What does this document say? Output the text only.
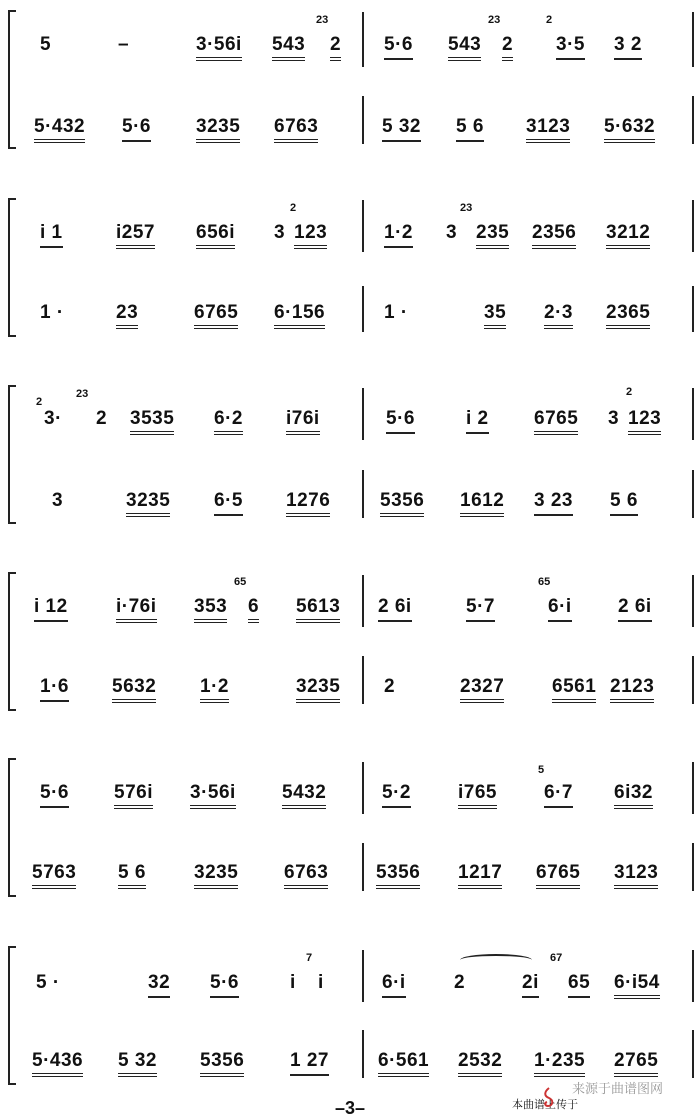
5	–	3·56i 543
23
2 5·6 543
23
2
2
3·5 3 2
5·432 5·6 3235 6763	5 32 5 6 3123 5·632
i 1	i257 656i
2
3 123	1·2
23
3 235 2356 3212
1 ·	23	6765 6·156	1 ·	35 2·3 2365
2
3·
23
2 3535 6·2 i76i	5·6	i 2 6765
2
3 123
3	3235 6·5 1276	5356 1612 3 23 5 6
i 12	i·76i 353
65
6 5613 2 6i	5·7
65
6·i 2 6i
1·6 5632 1·2	3235 2	2327	6561 2123
5·6 576i 3·56i 5432	5·2 i765
5
6·7 6i32
5763 5 6	3235 6763	5356 1217 6765 3123
5 ·	32 5·6
7
i i	6·i	2
67
2i 65 6·i54
5·436 5 32 5356 1 27	6·561 2532 1·235 2765
–3–	本曲谱上传于
来源于曲谱图网
